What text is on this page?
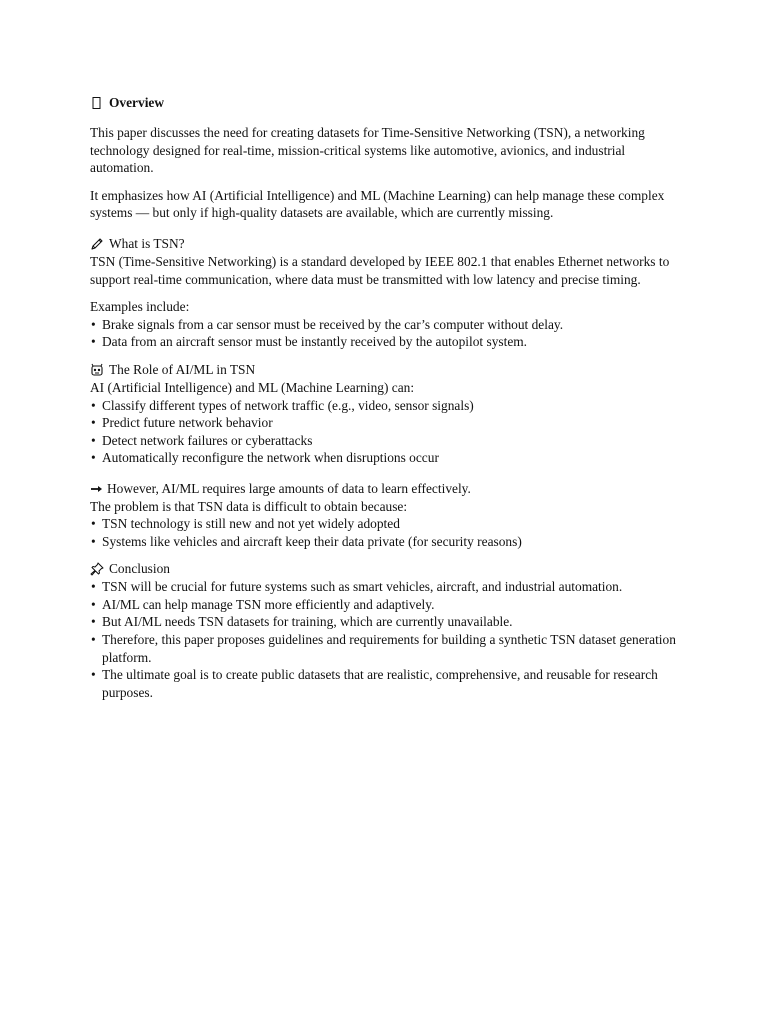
Overview

This paper discusses the need for creating datasets for Time-Sensitive Networking (TSN), a networking technology designed for real-time, mission-critical systems like automotive, avionics, and industrial automation.

It emphasizes how AI (Artificial Intelligence) and ML (Machine Learning) can help manage these complex systems — but only if high-quality datasets are available, which are currently missing.

What is TSN?

TSN (Time-Sensitive Networking) is a standard developed by IEEE 802.1 that enables Ethernet networks to support real-time communication, where data must be transmitted with low latency and precise timing.

Examples include:

• Brake signals from a car sensor must be received by the car’s computer without delay.
• Data from an aircraft sensor must be instantly received by the autopilot system.
The Role of AI/ML in TSN

AI (Artificial Intelligence) and ML (Machine Learning) can:

• Classify different types of network traffic (e.g., video, sensor signals)
• Predict future network behavior
• Detect network failures or cyberattacks
• Automatically reconfigure the network when disruptions occur
However, AI/ML requires large amounts of data to learn effectively.

The problem is that TSN data is difficult to obtain because:

• TSN technology is still new and not yet widely adopted
• Systems like vehicles and aircraft keep their data private (for security reasons)
Conclusion
• TSN will be crucial for future systems such as smart vehicles, aircraft, and industrial automation.
• AI/ML can help manage TSN more efficiently and adaptively.
• But AI/ML needs TSN datasets for training, which are currently unavailable.
• Therefore, this paper proposes guidelines and requirements for building a synthetic TSN dataset generation platform.
• The ultimate goal is to create public datasets that are realistic, comprehensive, and reusable for research purposes.
